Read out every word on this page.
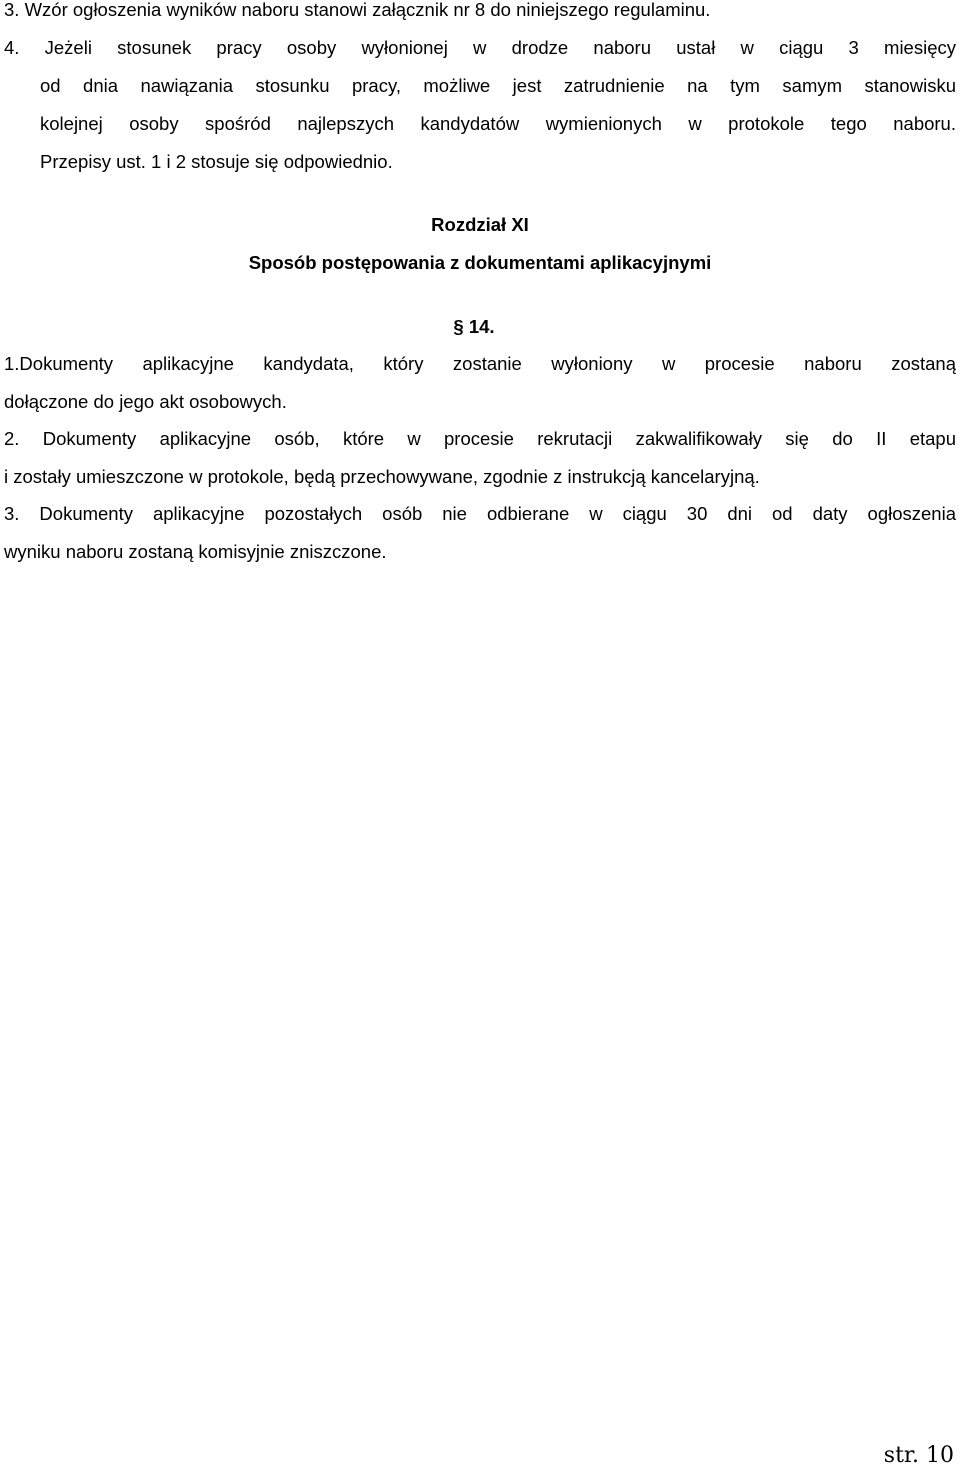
3. Wzór ogłoszenia wyników naboru stanowi załącznik nr 8 do niniejszego regulaminu.
4. Jeżeli stosunek pracy osoby wyłonionej w drodze naboru ustał w ciągu 3 miesięcy
od dnia nawiązania stosunku pracy, możliwe jest zatrudnienie na tym samym stanowisku
kolejnej osoby spośród najlepszych kandydatów wymienionych w protokole tego naboru.
Przepisy ust. 1 i 2 stosuje się odpowiednio.
Rozdział XI
Sposób postępowania z dokumentami aplikacyjnymi
§ 14.
1.Dokumenty aplikacyjne kandydata, który zostanie wyłoniony w procesie naboru zostaną
dołączone do jego akt osobowych.
2. Dokumenty aplikacyjne osób, które w procesie rekrutacji zakwalifikowały się do II etapu
i zostały umieszczone w protokole, będą przechowywane, zgodnie z instrukcją kancelaryjną.
3. Dokumenty aplikacyjne pozostałych osób nie odbierane w ciągu 30 dni od daty ogłoszenia
wyniku naboru zostaną komisyjnie zniszczone.
str. 10
